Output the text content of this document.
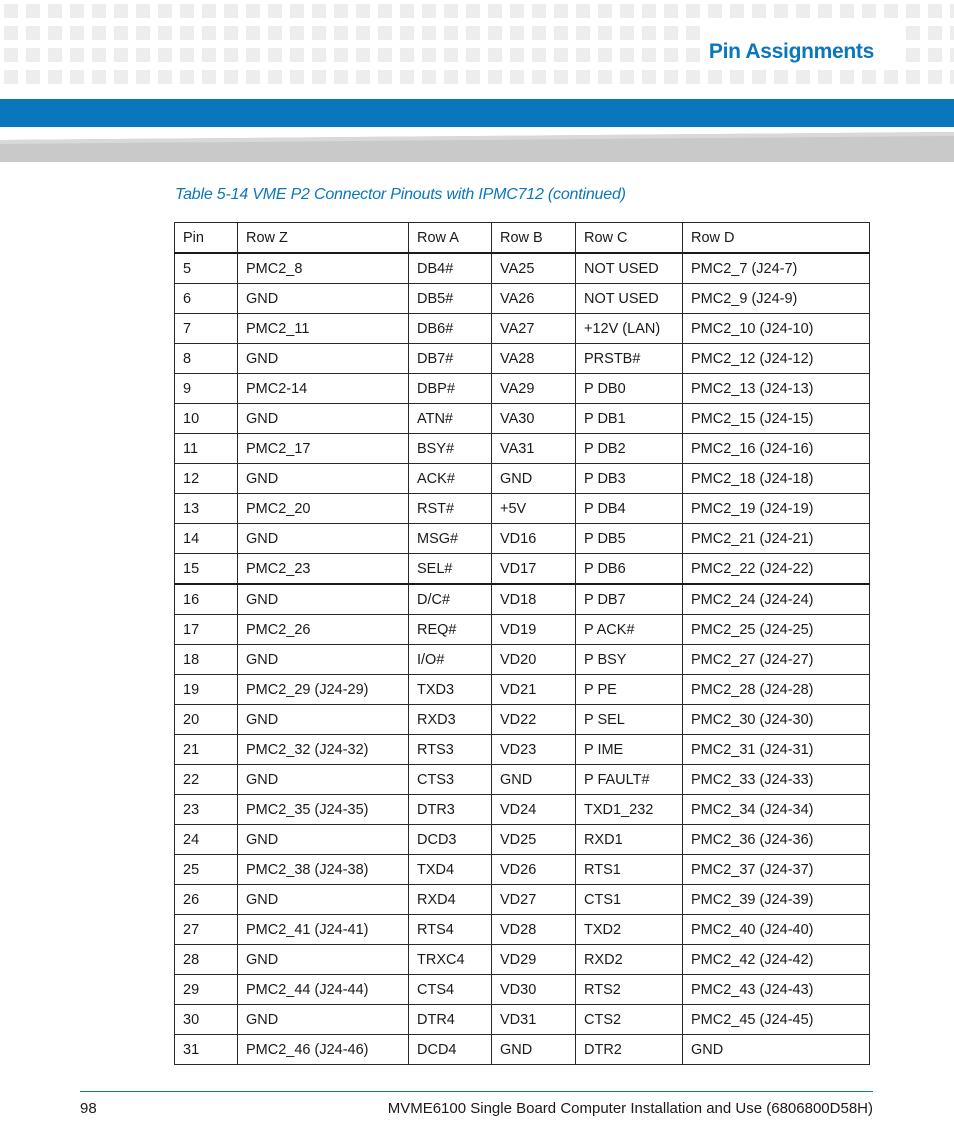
Pin Assignments
Table 5-14 VME P2 Connector Pinouts with IPMC712 (continued)
Pin	Row Z	Row A	Row B	Row C	Row D
5	PMC2_8	DB4#	VA25	NOT USED	PMC2_7 (J24-7)
6	GND	DB5#	VA26	NOT USED	PMC2_9 (J24-9)
7	PMC2_11	DB6#	VA27	+12V (LAN)	PMC2_10 (J24-10)
8	GND	DB7#	VA28	PRSTB#	PMC2_12 (J24-12)
9	PMC2-14	DBP#	VA29	P DB0	PMC2_13 (J24-13)
10	GND	ATN#	VA30	P DB1	PMC2_15 (J24-15)
11	PMC2_17	BSY#	VA31	P DB2	PMC2_16 (J24-16)
12	GND	ACK#	GND	P DB3	PMC2_18 (J24-18)
13	PMC2_20	RST#	+5V	P DB4	PMC2_19 (J24-19)
14	GND	MSG#	VD16	P DB5	PMC2_21 (J24-21)
15	PMC2_23	SEL#	VD17	P DB6	PMC2_22 (J24-22)
16	GND	D/C#	VD18	P DB7	PMC2_24 (J24-24)
17	PMC2_26	REQ#	VD19	P ACK#	PMC2_25 (J24-25)
18	GND	I/O#	VD20	P BSY	PMC2_27 (J24-27)
19	PMC2_29 (J24-29)	TXD3	VD21	P PE	PMC2_28 (J24-28)
20	GND	RXD3	VD22	P SEL	PMC2_30 (J24-30)
21	PMC2_32 (J24-32)	RTS3	VD23	P IME	PMC2_31 (J24-31)
22	GND	CTS3	GND	P FAULT#	PMC2_33 (J24-33)
23	PMC2_35 (J24-35)	DTR3	VD24	TXD1_232	PMC2_34 (J24-34)
24	GND	DCD3	VD25	RXD1	PMC2_36 (J24-36)
25	PMC2_38 (J24-38)	TXD4	VD26	RTS1	PMC2_37 (J24-37)
26	GND	RXD4	VD27	CTS1	PMC2_39 (J24-39)
27	PMC2_41 (J24-41)	RTS4	VD28	TXD2	PMC2_40 (J24-40)
28	GND	TRXC4	VD29	RXD2	PMC2_42 (J24-42)
29	PMC2_44 (J24-44)	CTS4	VD30	RTS2	PMC2_43 (J24-43)
30	GND	DTR4	VD31	CTS2	PMC2_45 (J24-45)
31	PMC2_46 (J24-46)	DCD4	GND	DTR2	GND
98	MVME6100 Single Board Computer Installation and Use (6806800D58H)
